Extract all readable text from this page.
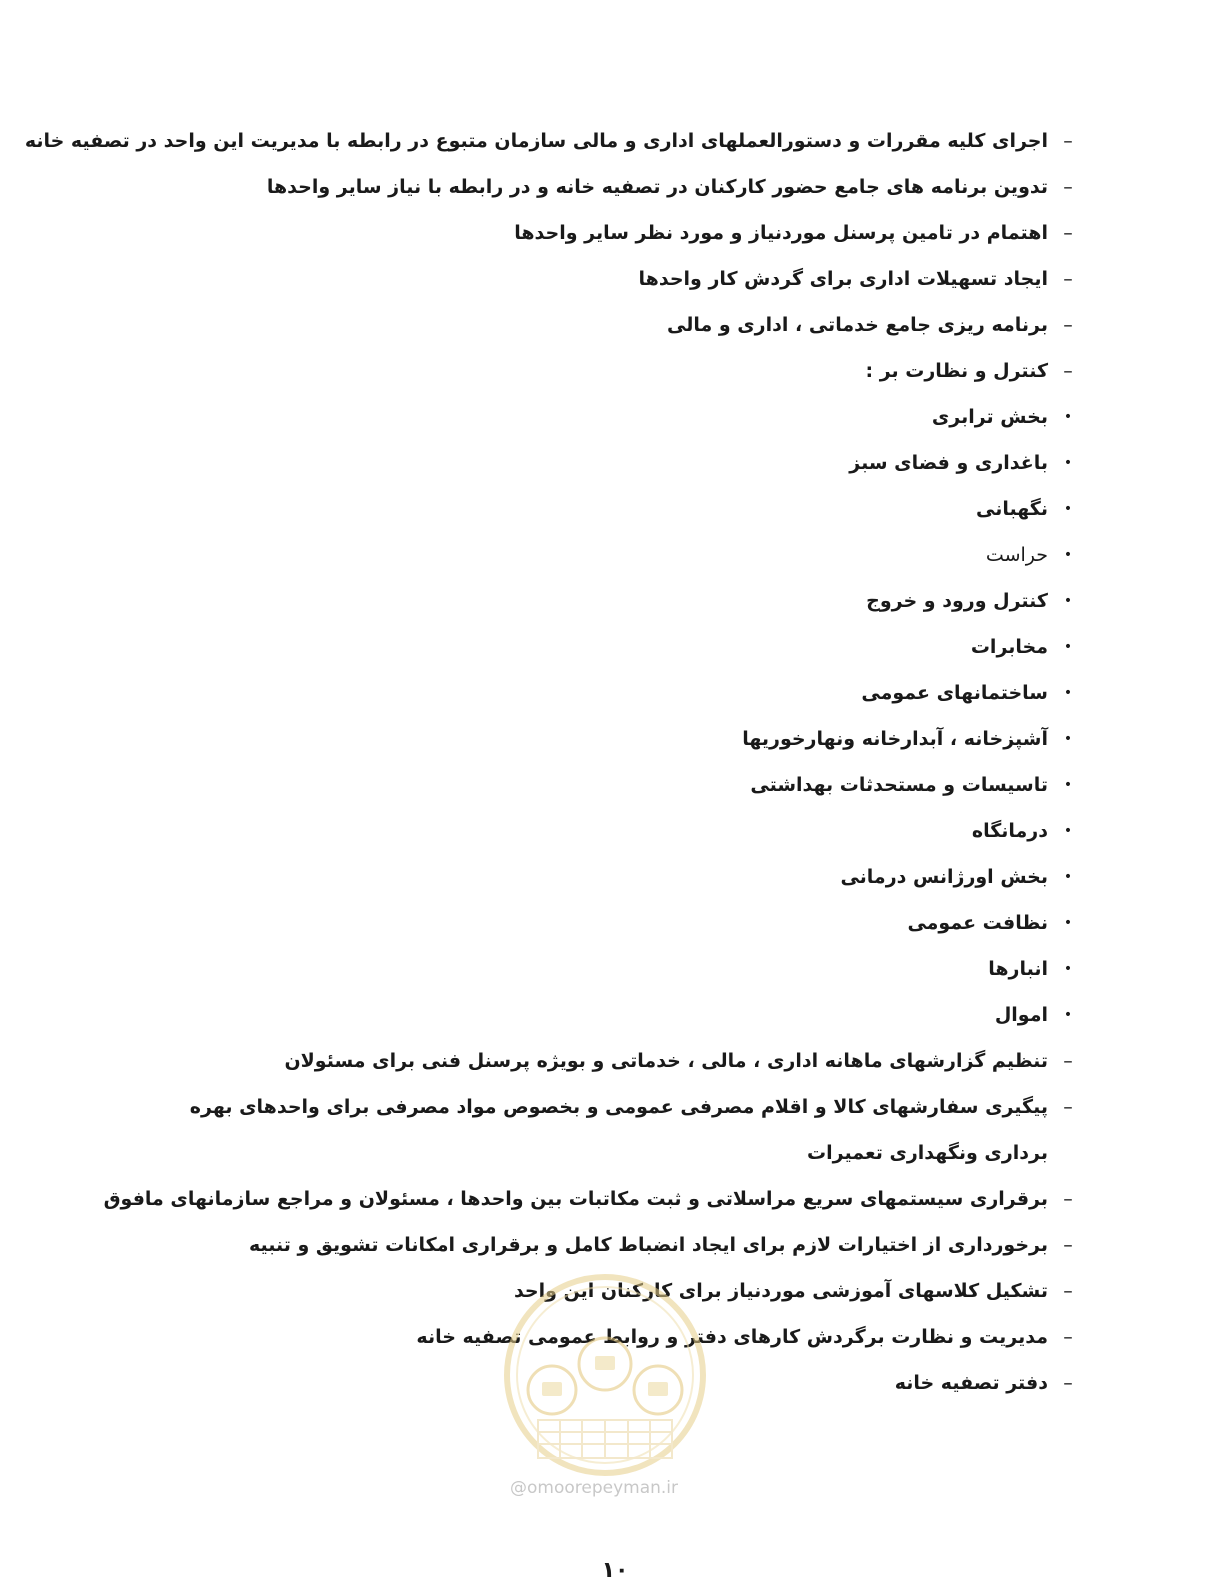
–
اجرای کلیه مقررات و دستورالعملهای اداری و مالی سازمان متبوع در رابطه با مدیریت این واحد در تصفیه خانه
–
تدوین برنامه های جامع حضور کارکنان در تصفیه خانه و در رابطه با نیاز سایر واحدها
–
اهتمام در تامین پرسنل موردنیاز و مورد نظر سایر واحدها
–
ایجاد تسهیلات اداری برای گردش کار واحدها
–
برنامه ریزی جامع خدماتی ، اداری و مالی
–
کنترل و نظارت بر :
•
بخش ترابری
•
باغداری و فضای سبز
•
نگهبانی
•
حراست
•
کنترل ورود و خروج
•
مخابرات
•
ساختمانهای عمومی
•
آشپزخانه ، آبدارخانه ونهارخوریها
•
تاسیسات و مستحدثات بهداشتی
•
درمانگاه
•
بخش اورژانس درمانی
•
نظافت عمومی
•
انبارها
•
اموال
–
تنظیم گزارشهای ماهانه اداری ، مالی ، خدماتی و بویژه پرسنل فنی برای مسئولان
–
پیگیری سفارشهای کالا و اقلام مصرفی عمومی و بخصوص مواد مصرفی برای واحدهای بهره برداری ونگهداری تعمیرات
–
برقراری سیستمهای سریع مراسلاتی و ثبت مکاتبات بین واحدها ، مسئولان و مراجع سازمانهای مافوق
–
برخورداری از اختیارات لازم برای ایجاد انضباط کامل و برقراری امکانات تشویق و تنبیه
–
تشکیل کلاسهای آموزشی موردنیاز برای کارکنان این واحد
–
مدیریت و نظارت برگردش کارهای دفتر و روابط عمومی تصفیه خانه
–
دفتر تصفیه خانه
@omoorepeyman.ir
۱۰
